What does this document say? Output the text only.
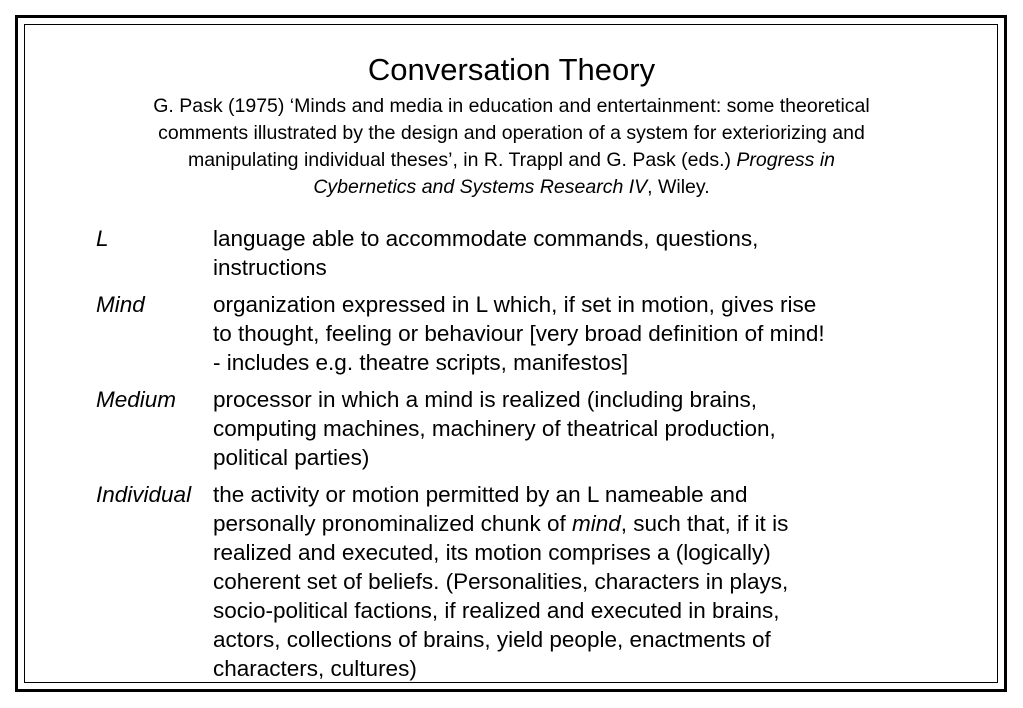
Conversation Theory
G. Pask (1975) ‘Minds and media in education and entertainment: some theoretical
comments illustrated by the design and operation of a system for exteriorizing and
manipulating individual theses’, in R. Trappl and G. Pask (eds.) Progress in
Cybernetics and Systems Research IV, Wiley.
L	language able to accommodate commands, questions,
instructions
Mind	organization expressed in L which, if set in motion, gives rise
to thought, feeling or behaviour [very broad definition of mind!
- includes e.g. theatre scripts, manifestos]
Medium	processor in which a mind is realized (including brains,
computing machines, machinery of theatrical production,
political parties)
Individual the activity or motion permitted by an L nameable and
personally pronominalized chunk of mind, such that, if it is
realized and executed, its motion comprises a (logically)
coherent set of beliefs. (Personalities, characters in plays,
socio-political factions, if realized and executed in brains,
actors, collections of brains, yield people, enactments of
characters, cultures)
